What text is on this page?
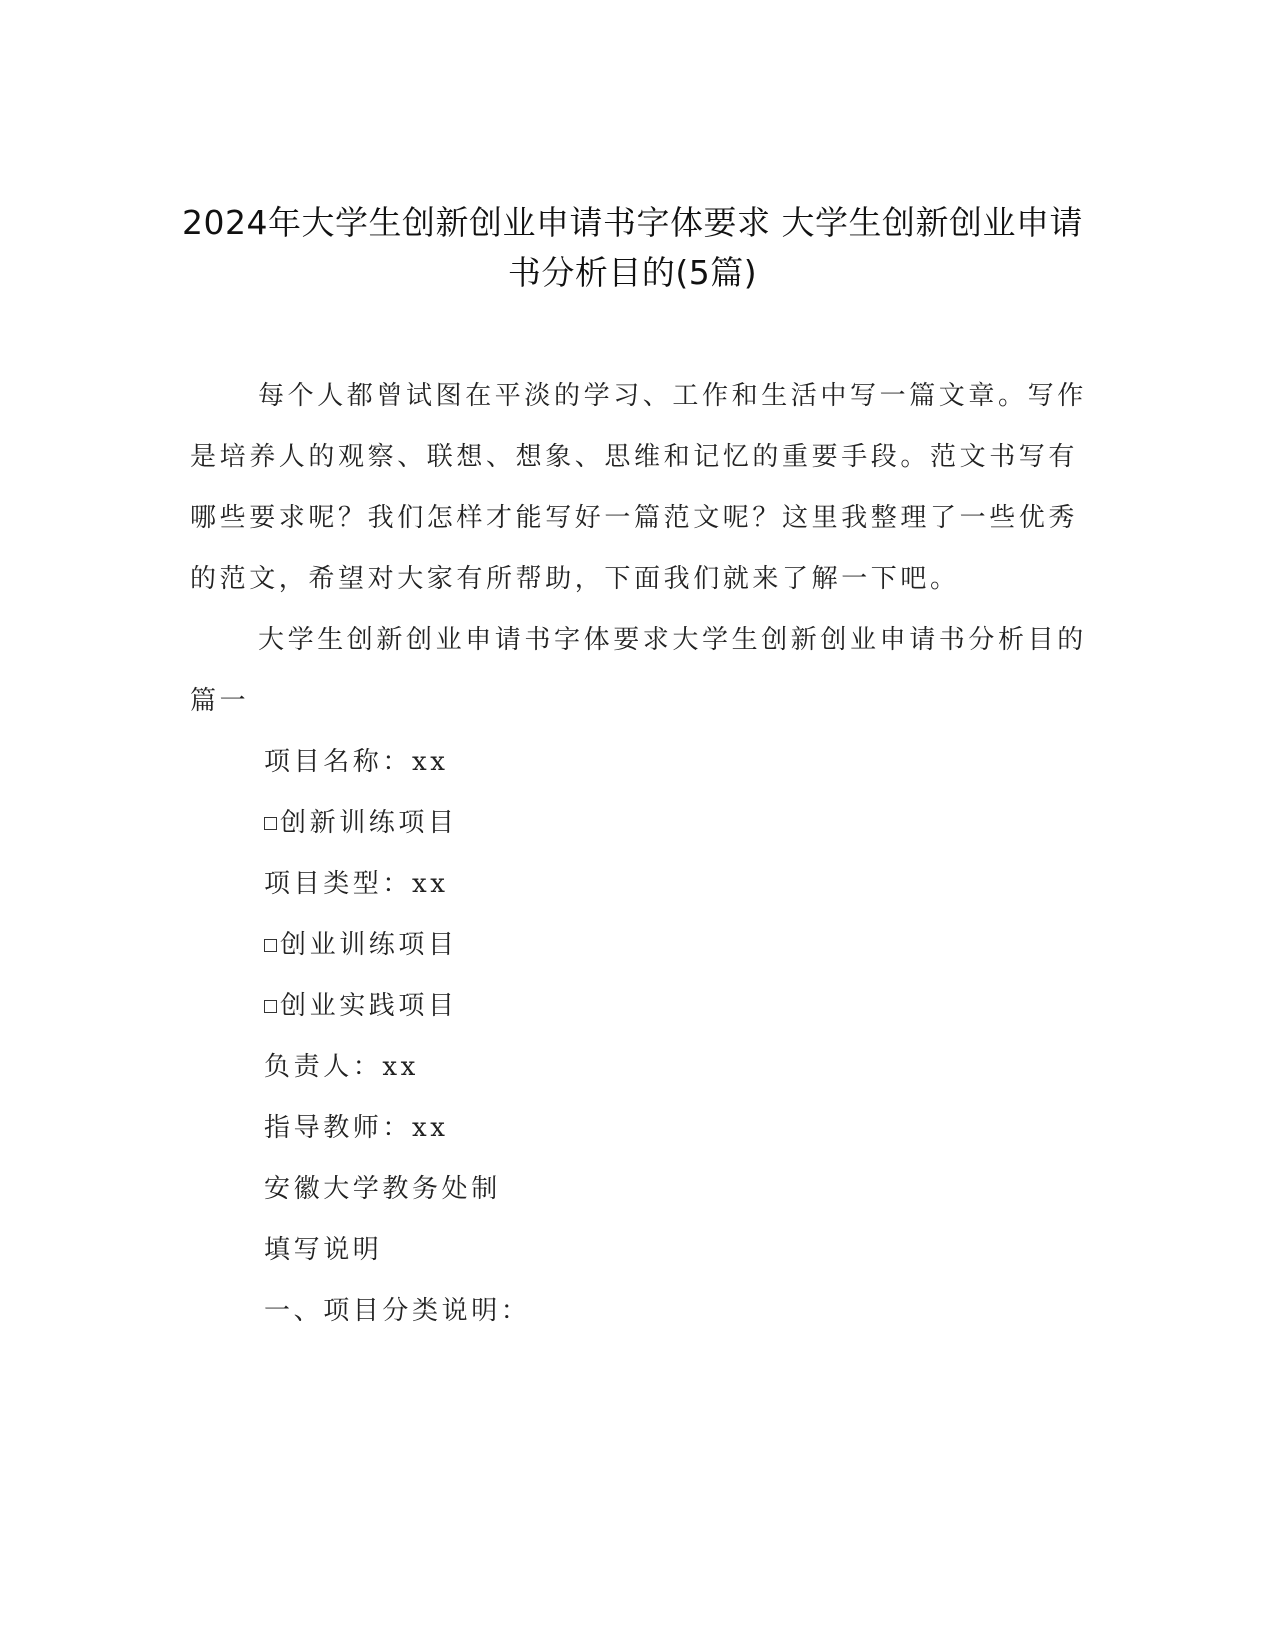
2024年大学生创新创业申请书字体要求 大学生创新创业申请
书分析目的(5篇)

每个人都曾试图在平淡的学习、工作和生活中写一篇文章。写作
是培养人的观察、联想、想象、思维和记忆的重要手段。范文书写有
哪些要求呢？我们怎样才能写好一篇范文呢？这里我整理了一些优秀
的范文，希望对大家有所帮助，下面我们就来了解一下吧。

大学生创新创业申请书字体要求大学生创新创业申请书分析目的
篇一

项目名称：xx

创新训练项目

项目类型：xx

创业训练项目

创业实践项目

负责人：xx

指导教师：xx

安徽大学教务处制

填写说明

一、项目分类说明：
